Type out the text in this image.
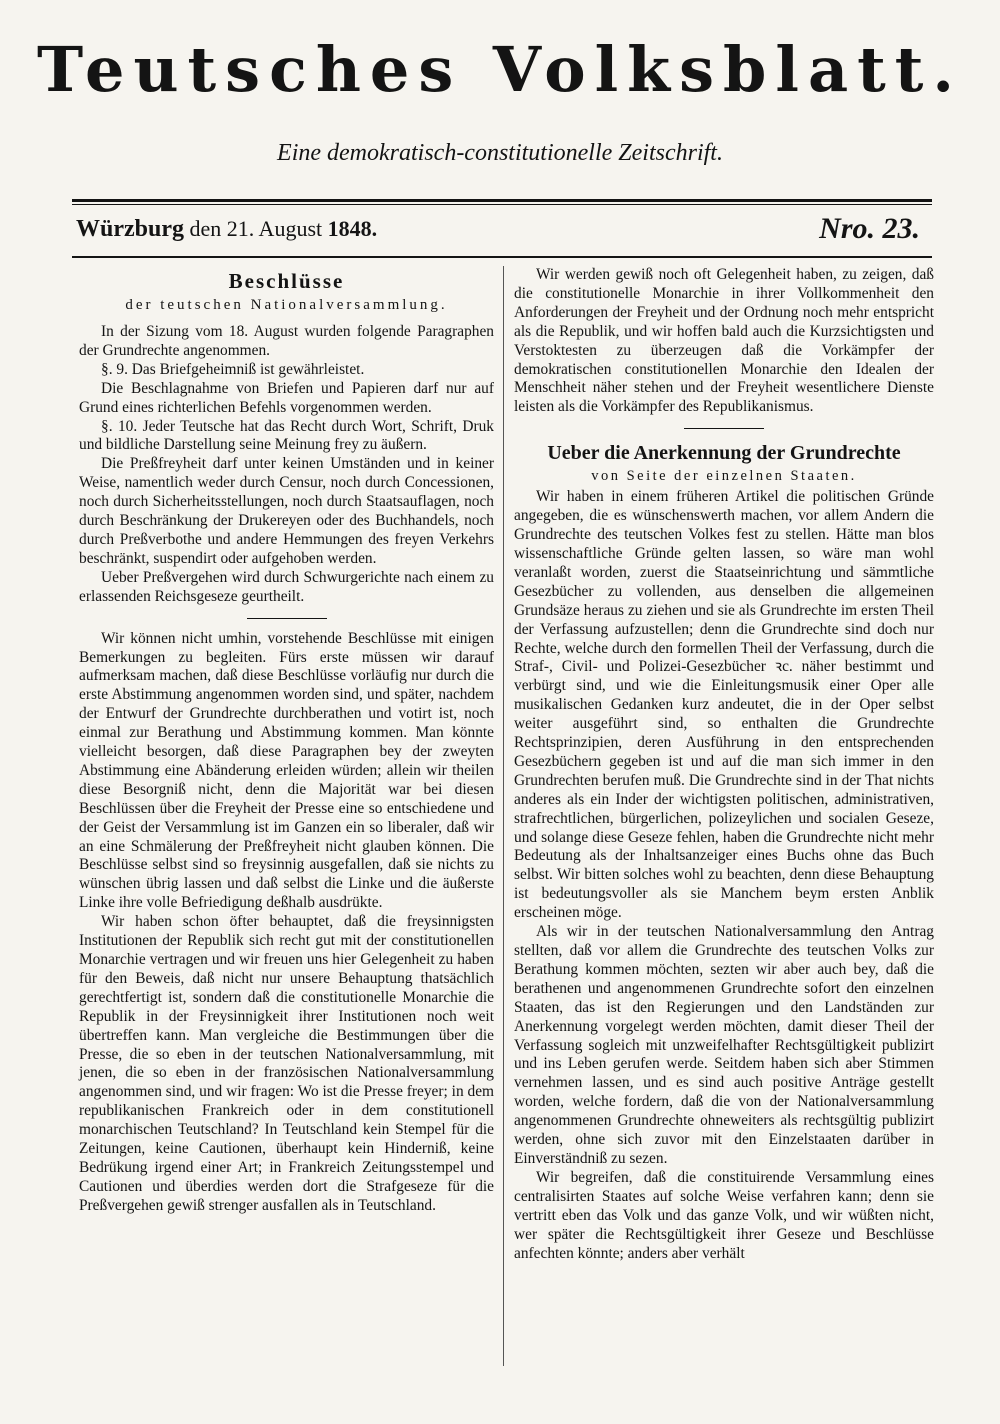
Teutsches Volksblatt.
Eine demokratisch-constitutionelle Zeitschrift.
Würzburg den 21. August 1848.	Nro. 23.
Beschlüsse
der teutschen Nationalversammlung.

In der Sizung vom 18. August wurden folgende Paragraphen der Grundrechte angenommen.

§. 9. Das Briefgeheimniß ist gewährleistet.

Die Beschlagnahme von Briefen und Papieren darf nur auf Grund eines richterlichen Befehls vorgenommen werden.

§. 10. Jeder Teutsche hat das Recht durch Wort, Schrift, Druk und bildliche Darstellung seine Meinung frey zu äußern.

Die Preßfreyheit darf unter keinen Umständen und in keiner Weise, namentlich weder durch Censur, noch durch Concessionen, noch durch Sicherheitsstellungen, noch durch Staatsauflagen, noch durch Beschränkung der Drukereyen oder des Buchhandels, noch durch Preßverbothe und andere Hemmungen des freyen Verkehrs beschränkt, suspendirt oder aufgehoben werden.

Ueber Preßvergehen wird durch Schwurgerichte nach einem zu erlassenden Reichsgeseze geurtheilt.

Wir können nicht umhin, vorstehende Beschlüsse mit einigen Bemerkungen zu begleiten. Fürs erste müssen wir darauf aufmerksam machen, daß diese Beschlüsse vorläufig nur durch die erste Abstimmung angenommen worden sind, und später, nachdem der Entwurf der Grundrechte durchberathen und votirt ist, noch einmal zur Berathung und Abstimmung kommen. Man könnte vielleicht besorgen, daß diese Paragraphen bey der zweyten Abstimmung eine Abänderung erleiden würden; allein wir theilen diese Besorgniß nicht, denn die Majorität war bei diesen Beschlüssen über die Freyheit der Presse eine so entschiedene und der Geist der Versammlung ist im Ganzen ein so liberaler, daß wir an eine Schmälerung der Preßfreyheit nicht glauben können. Die Beschlüsse selbst sind so freysinnig ausgefallen, daß sie nichts zu wünschen übrig lassen und daß selbst die Linke und die äußerste Linke ihre volle Befriedigung deßhalb ausdrükte.

Wir haben schon öfter behauptet, daß die freysinnigsten Institutionen der Republik sich recht gut mit der constitutionellen Monarchie vertragen und wir freuen uns hier Gelegenheit zu haben für den Beweis, daß nicht nur unsere Behauptung thatsächlich gerechtfertigt ist, sondern daß die constitutionelle Monarchie die Republik in der Freysinnigkeit ihrer Institutionen noch weit übertreffen kann. Man vergleiche die Bestimmungen über die Presse, die so eben in der teutschen Nationalversammlung, mit jenen, die so eben in der französischen Nationalversammlung angenommen sind, und wir fragen: Wo ist die Presse freyer; in dem republikanischen Frankreich oder in dem constitutionell monarchischen Teutschland? In Teutschland kein Stempel für die Zeitungen, keine Cautionen, überhaupt kein Hinderniß, keine Bedrükung irgend einer Art; in Frankreich Zeitungsstempel und Cautionen und überdies werden dort die Strafgeseze für die Preßvergehen gewiß strenger ausfallen als in Teutschland.

Wir werden gewiß noch oft Gelegenheit haben, zu zeigen, daß die constitutionelle Monarchie in ihrer Vollkommenheit den Anforderungen der Freyheit und der Ordnung noch mehr entspricht als die Republik, und wir hoffen bald auch die Kurzsichtigsten und Verstoktesten zu überzeugen daß die Vorkämpfer der demokratischen constitutionellen Monarchie den Idealen der Menschheit näher stehen und der Freyheit wesentlichere Dienste leisten als die Vorkämpfer des Republikanismus.

Ueber die Anerkennung der Grundrechte
von Seite der einzelnen Staaten.

Wir haben in einem früheren Artikel die politischen Gründe angegeben, die es wünschenswerth machen, vor allem Andern die Grundrechte des teutschen Volkes fest zu stellen. Hätte man blos wissenschaftliche Gründe gelten lassen, so wäre man wohl veranlaßt worden, zuerst die Staatseinrichtung und sämmtliche Gesezbücher zu vollenden, aus denselben die allgemeinen Grundsäze heraus zu ziehen und sie als Grundrechte im ersten Theil der Verfassung aufzustellen; denn die Grundrechte sind doch nur Rechte, welche durch den formellen Theil der Verfassung, durch die Straf-, Civil- und Polizei-Gesezbücher ꝛc. näher bestimmt und verbürgt sind, und wie die Einleitungsmusik einer Oper alle musikalischen Gedanken kurz andeutet, die in der Oper selbst weiter ausgeführt sind, so enthalten die Grundrechte Rechtsprinzipien, deren Ausführung in den entsprechenden Gesezbüchern gegeben ist und auf die man sich immer in den Grundrechten berufen muß. Die Grundrechte sind in der That nichts anderes als ein Inder der wichtigsten politischen, administrativen, strafrechtlichen, bürgerlichen, polizeylichen und socialen Geseze, und solange diese Geseze fehlen, haben die Grundrechte nicht mehr Bedeutung als der Inhaltsanzeiger eines Buchs ohne das Buch selbst. Wir bitten solches wohl zu beachten, denn diese Behauptung ist bedeutungsvoller als sie Manchem beym ersten Anblik erscheinen möge.

Als wir in der teutschen Nationalversammlung den Antrag stellten, daß vor allem die Grundrechte des teutschen Volks zur Berathung kommen möchten, sezten wir aber auch bey, daß die berathenen und angenommenen Grundrechte sofort den einzelnen Staaten, das ist den Regierungen und den Landständen zur Anerkennung vorgelegt werden möchten, damit dieser Theil der Verfassung sogleich mit unzweifelhafter Rechtsgültigkeit publizirt und ins Leben gerufen werde. Seitdem haben sich aber Stimmen vernehmen lassen, und es sind auch positive Anträge gestellt worden, welche fordern, daß die von der Nationalversammlung angenommenen Grundrechte ohneweiters als rechtsgültig publizirt werden, ohne sich zuvor mit den Einzelstaaten darüber in Einverständniß zu sezen.

Wir begreifen, daß die constituirende Versammlung eines centralisirten Staates auf solche Weise verfahren kann; denn sie vertritt eben das Volk und das ganze Volk, und wir wüßten nicht, wer später die Rechtsgültigkeit ihrer Geseze und Beschlüsse anfechten könnte; anders aber verhält
